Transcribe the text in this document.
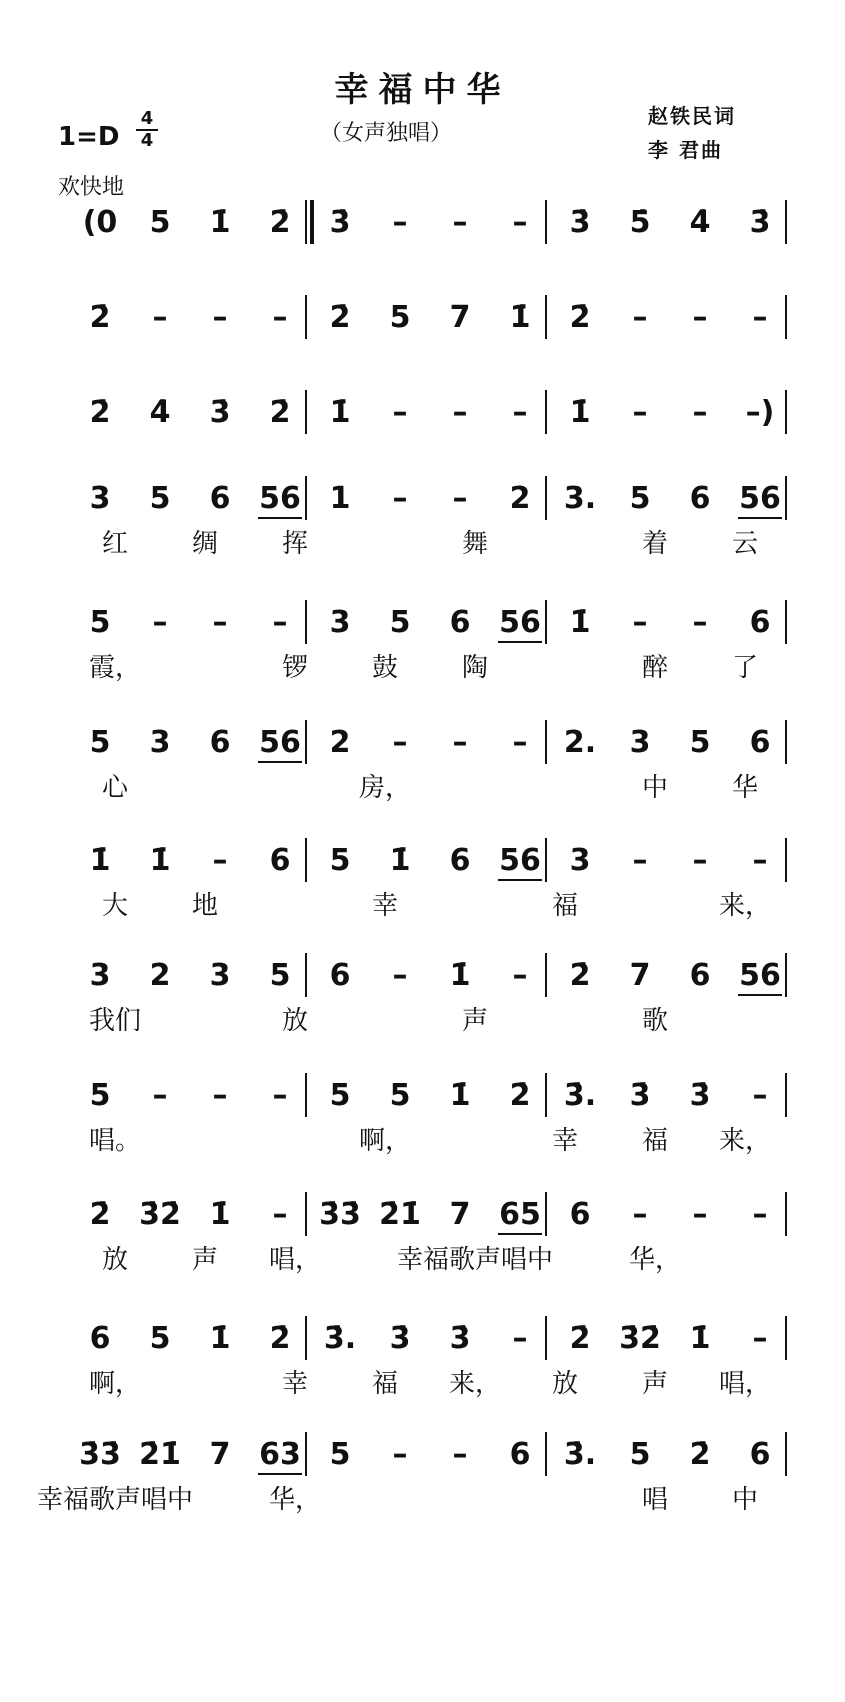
幸福中华
（女声独唱）
赵铁民词
李 君曲
1=D
4
4
欢快地
(0 5 1̇ 2̇ 3̇ – – – 3̇ 5̇ 4̇ 3̇
2̇ – – – 2̇ 5 7 1̇ 2̇ – – –
2̇ 4̇ 3̇ 2̇ 1̇ – – – 1̇ – – –)
3 5 6 56 1 – – 2 3. 5 6 56
红 绸 挥	舞	着 云
5 – – – 3 5 6 56 1̇ – – 6
霞，	锣 鼓 陶	醉 了
5 3 6 56 2 – – – 2. 3 5 6
心	房，	中 华
1̇ 1̇ – 6 5 1̇ 6 56 3 – – –
大 地	幸	福	来，
3 2 3 5 6 – 1̇ – 2̇ 7 6 56
我们	放	声	歌
5 – – – 5 5 1̇ 2̇ 3̇. 3̇ 3̇ –
唱。	啊，	幸 福 来，
2̇ 3̇2̇ 1̇ – 3̇3̇ 2̇1̇ 7 65 6 – – –
放 声 唱，	幸福歌声唱中	华，
6 5 1̇ 2̇ 3̇. 3̇ 3̇ – 2̇ 3̇2̇ 1̇ –
啊，	幸 福 来， 放 声 唱，
3̇3̇ 2̇1̇ 7 63 5 – – 6 3̇. 5 2̇ 6
幸福歌声唱中	华，	唱 中
